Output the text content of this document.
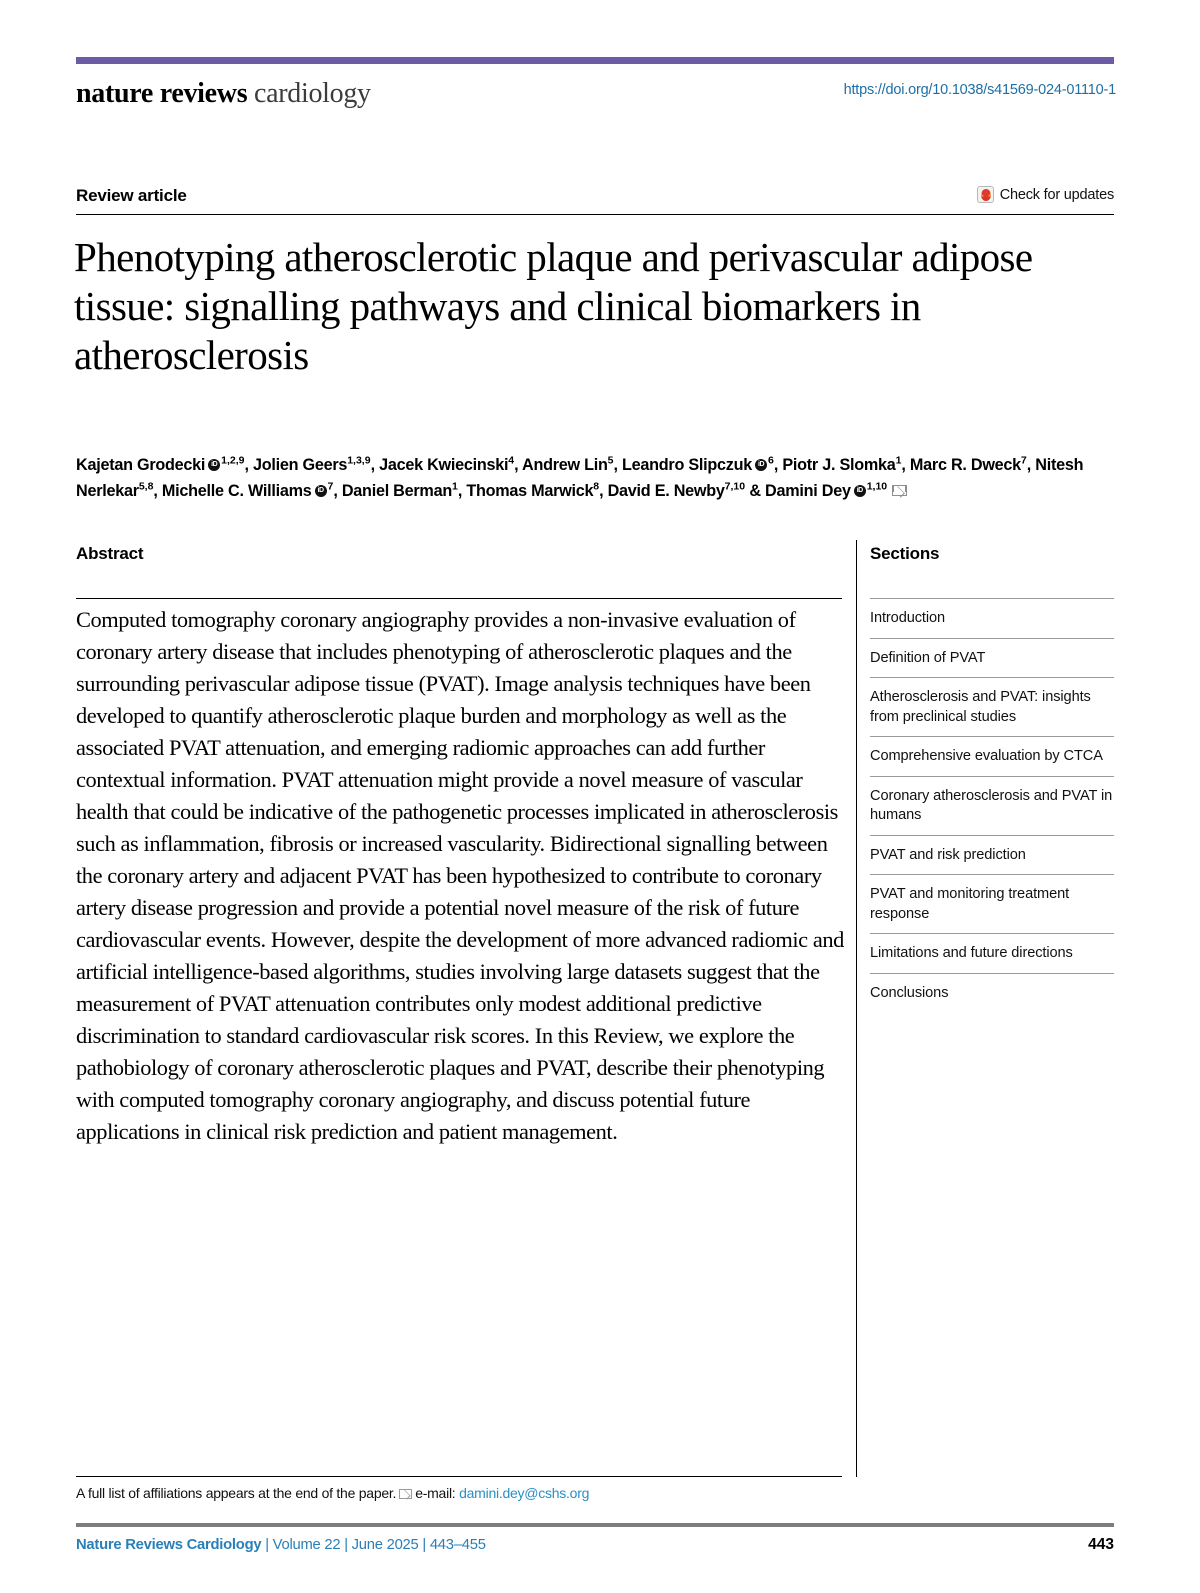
nature reviews cardiology	https://doi.org/10.1038/s41569-024-01110-1
Review article	Check for updates
Phenotyping atherosclerotic plaque and perivascular adipose tissue: signalling pathways and clinical biomarkers in atherosclerosis
Kajetan Grodecki iD $^{1,2,9}$, Jolien Geers$^{1,3,9}$, Jacek Kwiecinski$^4$, Andrew Lin$^5$, Leandro Slipczuk iD $^6$, Piotr J. Slomka$^1$, Marc R. Dweck$^7$, Nitesh Nerlekar$^{5,8}$, Michelle C. Williams iD $^7$, Daniel Berman$^1$, Thomas Marwick$^8$, David E. Newby$^{7,10}$ & Damini Dey iD $^{1,10}$
Abstract

Computed tomography coronary angiography provides a non-invasive evaluation of coronary artery disease that includes phenotyping of atherosclerotic plaques and the surrounding perivascular adipose tissue (PVAT). Image analysis techniques have been developed to quantify atherosclerotic plaque burden and morphology as well as the associated PVAT attenuation, and emerging radiomic approaches can add further contextual information. PVAT attenuation might provide a novel measure of vascular health that could be indicative of the pathogenetic processes implicated in atherosclerosis such as inflammation, fibrosis or increased vascularity. Bidirectional signalling between the coronary artery and adjacent PVAT has been hypothesized to contribute to coronary artery disease progression and provide a potential novel measure of the risk of future cardiovascular events. However, despite the development of more advanced radiomic and artificial intelligence-based algorithms, studies involving large datasets suggest that the measurement of PVAT attenuation contributes only modest additional predictive discrimination to standard cardiovascular risk scores. In this Review, we explore the pathobiology of coronary atherosclerotic plaques and PVAT, describe their phenotyping with computed tomography coronary angiography, and discuss potential future applications in clinical risk prediction and patient management.

Sections
Introduction
Definition of PVAT
Atherosclerosis and PVAT: insights from preclinical studies
Comprehensive evaluation by CTCA
Coronary atherosclerosis and PVAT in humans
PVAT and risk prediction
PVAT and monitoring treatment response
Limitations and future directions
Conclusions
A full list of affiliations appears at the end of the paper. e-mail: damini.dey@cshs.org
Nature Reviews Cardiology | Volume 22 | June 2025 | 443–455	443
